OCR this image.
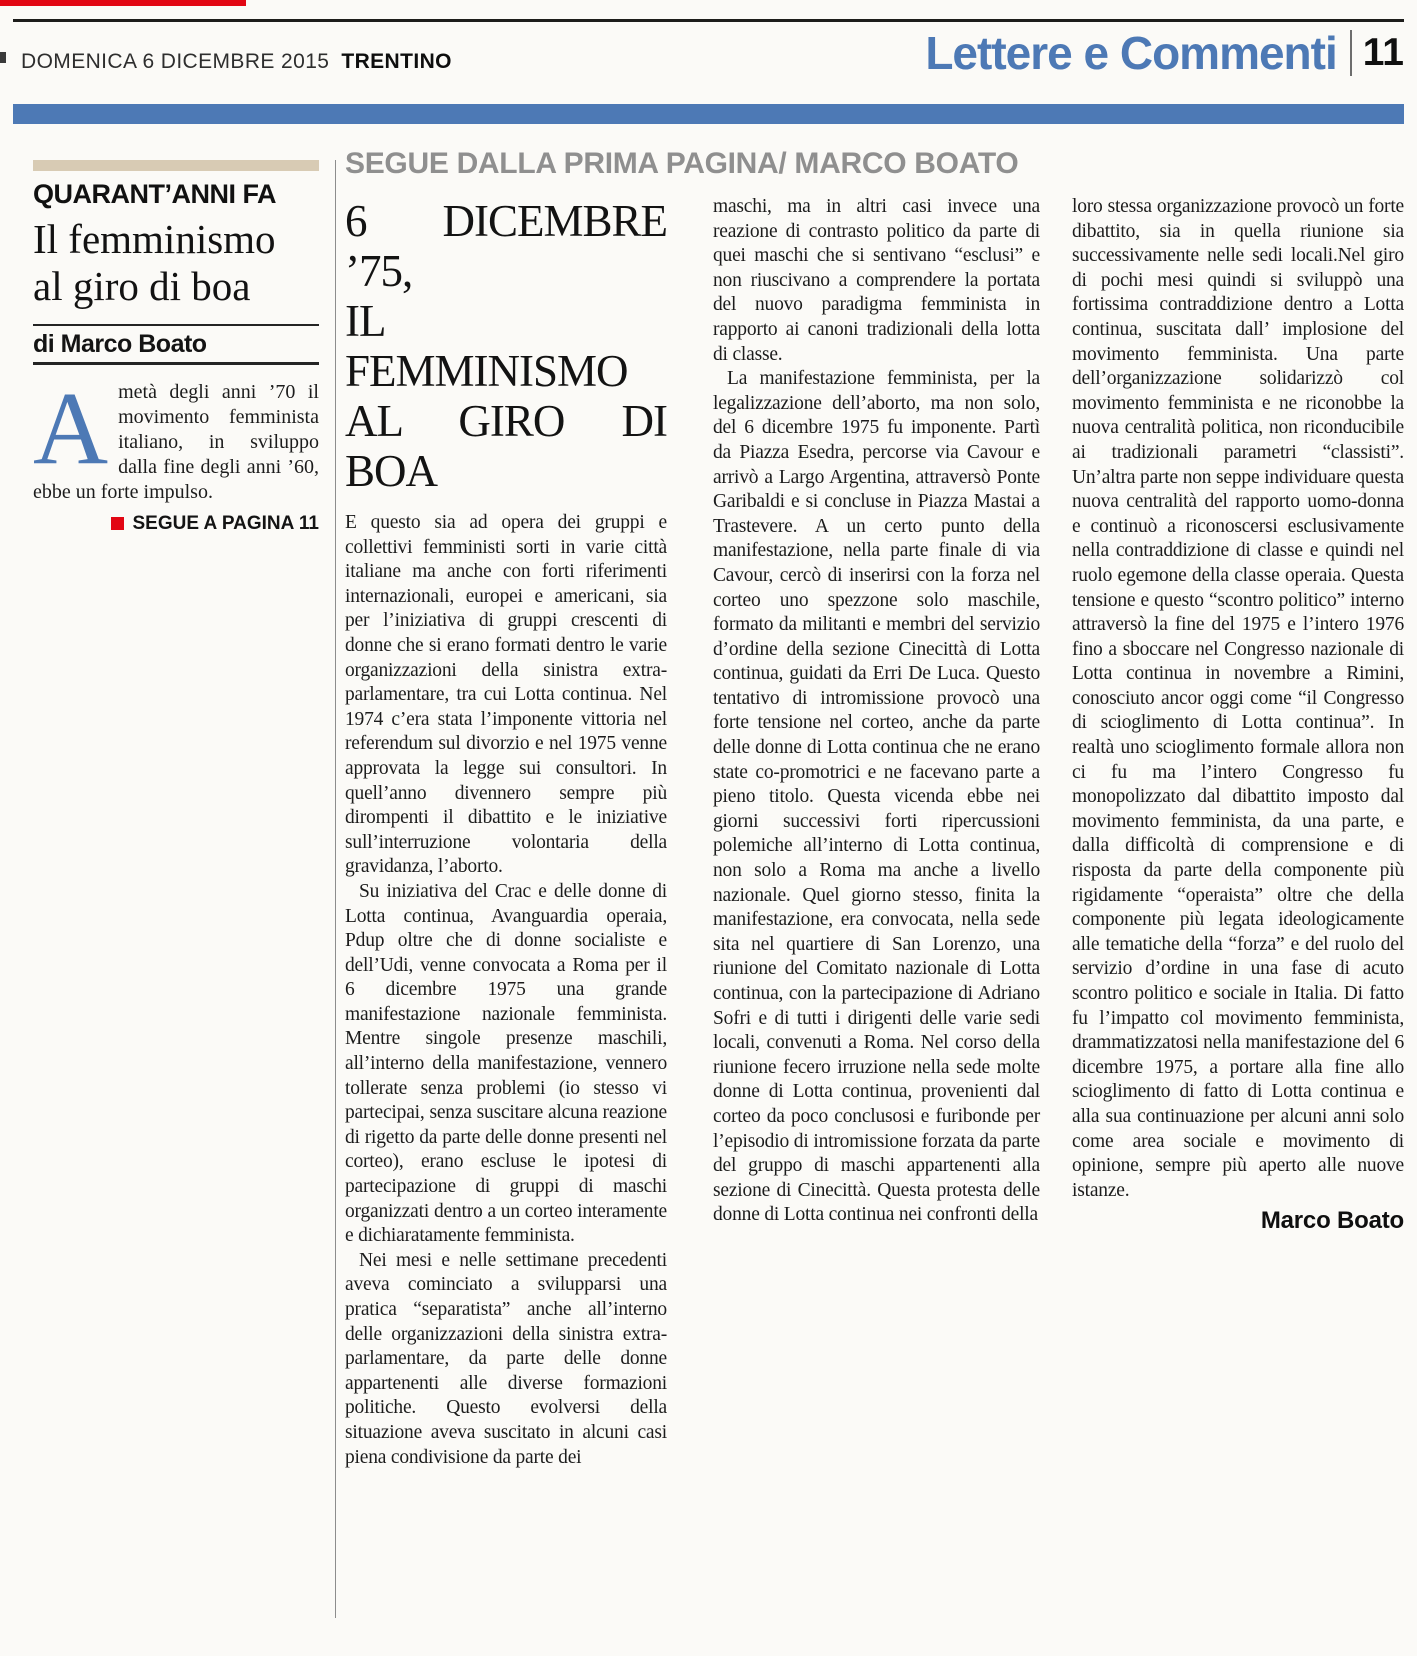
DOMENICA 6 DICEMBRE 2015 TRENTINO	Lettere e Commenti 11
QUARANT’ANNI FA
Il femminismo
al giro di boa
di Marco Boato

Ametà degli anni ’70 il movimento femminista italiano, in sviluppo dalla fine degli anni ’60, ebbe un forte impulso.

SEGUE A PAGINA 11
SEGUE DALLA PRIMA PAGINA/ MARCO BOATO
6 DICEMBRE ’75,
IL FEMMINISMO
AL GIRO DI BOA

E questo sia ad opera dei gruppi e collettivi femministi sorti in varie città italiane ma anche con forti riferimenti internazionali, europei e americani, sia per l’iniziativa di gruppi crescenti di donne che si erano formati dentro le varie organizzazioni della sinistra extra-parlamentare, tra cui Lotta continua. Nel 1974 c’era stata l’imponente vittoria nel referendum sul divorzio e nel 1975 venne approvata la legge sui consultori. In quell’anno divennero sempre più dirompenti il dibattito e le iniziative sull’interruzione volontaria della gravidanza, l’aborto.

Su iniziativa del Crac e delle donne di Lotta continua, Avanguardia operaia, Pdup oltre che di donne socialiste e dell’Udi, venne convocata a Roma per il 6 dicembre 1975 una grande manifestazione nazionale femminista. Mentre singole presenze maschili, all’interno della manifestazione, vennero tollerate senza problemi (io stesso vi partecipai, senza suscitare alcuna reazione di rigetto da parte delle donne presenti nel corteo), erano escluse le ipotesi di partecipazione di gruppi di maschi organizzati dentro a un corteo interamente e dichiaratamente femminista.

Nei mesi e nelle settimane precedenti aveva cominciato a svilupparsi una pratica “separatista” anche all’interno delle organizzazioni della sinistra extra-parlamentare, da parte delle donne appartenenti alle diverse formazioni politiche. Questo evolversi della situazione aveva suscitato in alcuni casi piena condivisione da parte dei

maschi, ma in altri casi invece una reazione di contrasto politico da parte di quei maschi che si sentivano “esclusi” e non riuscivano a comprendere la portata del nuovo paradigma femminista in rapporto ai canoni tradizionali della lotta di classe.

La manifestazione femminista, per la legalizzazione dell’aborto, ma non solo, del 6 dicembre 1975 fu imponente. Partì da Piazza Esedra, percorse via Cavour e arrivò a Largo Argentina, attraversò Ponte Garibaldi e si concluse in Piazza Mastai a Trastevere. A un certo punto della manifestazione, nella parte finale di via Cavour, cercò di inserirsi con la forza nel corteo uno spezzone solo maschile, formato da militanti e membri del servizio d’ordine della sezione Cinecittà di Lotta continua, guidati da Erri De Luca. Questo tentativo di intromissione provocò una forte tensione nel corteo, anche da parte delle donne di Lotta continua che ne erano state co-promotrici e ne facevano parte a pieno titolo. Questa vicenda ebbe nei giorni successivi forti ripercussioni polemiche all’interno di Lotta continua, non solo a Roma ma anche a livello nazionale. Quel giorno stesso, finita la manifestazione, era convocata, nella sede sita nel quartiere di San Lorenzo, una riunione del Comitato nazionale di Lotta continua, con la partecipazione di Adriano Sofri e di tutti i dirigenti delle varie sedi locali, convenuti a Roma. Nel corso della riunione fecero irruzione nella sede molte donne di Lotta continua, provenienti dal corteo da poco conclusosi e furibonde per l’episodio di intromissione forzata da parte del gruppo di maschi appartenenti alla sezione di Cinecittà. Questa protesta delle donne di Lotta continua nei confronti della

loro stessa organizzazione provocò un forte dibattito, sia in quella riunione sia successivamente nelle sedi locali.Nel giro di pochi mesi quindi si sviluppò una fortissima contraddizione dentro a Lotta continua, suscitata dall’ implosione del movimento femminista. Una parte dell’organizzazione solidarizzò col movimento femminista e ne riconobbe la nuova centralità politica, non riconducibile ai tradizionali parametri “classisti”. Un’altra parte non seppe individuare questa nuova centralità del rapporto uomo-donna e continuò a riconoscersi esclusivamente nella contraddizione di classe e quindi nel ruolo egemone della classe operaia. Questa tensione e questo “scontro politico” interno attraversò la fine del 1975 e l’intero 1976 fino a sboccare nel Congresso nazionale di Lotta continua in novembre a Rimini, conosciuto ancor oggi come “il Congresso di scioglimento di Lotta continua”. In realtà uno scioglimento formale allora non ci fu ma l’intero Congresso fu monopolizzato dal dibattito imposto dal movimento femminista, da una parte, e dalla difficoltà di comprensione e di risposta da parte della componente più rigidamente “operaista” oltre che della componente più legata ideologicamente alle tematiche della “forza” e del ruolo del servizio d’ordine in una fase di acuto scontro politico e sociale in Italia. Di fatto fu l’impatto col movimento femminista, drammatizzatosi nella manifestazione del 6 dicembre 1975, a portare alla fine allo scioglimento di fatto di Lotta continua e alla sua continuazione per alcuni anni solo come area sociale e movimento di opinione, sempre più aperto alle nuove istanze.

Marco Boato
